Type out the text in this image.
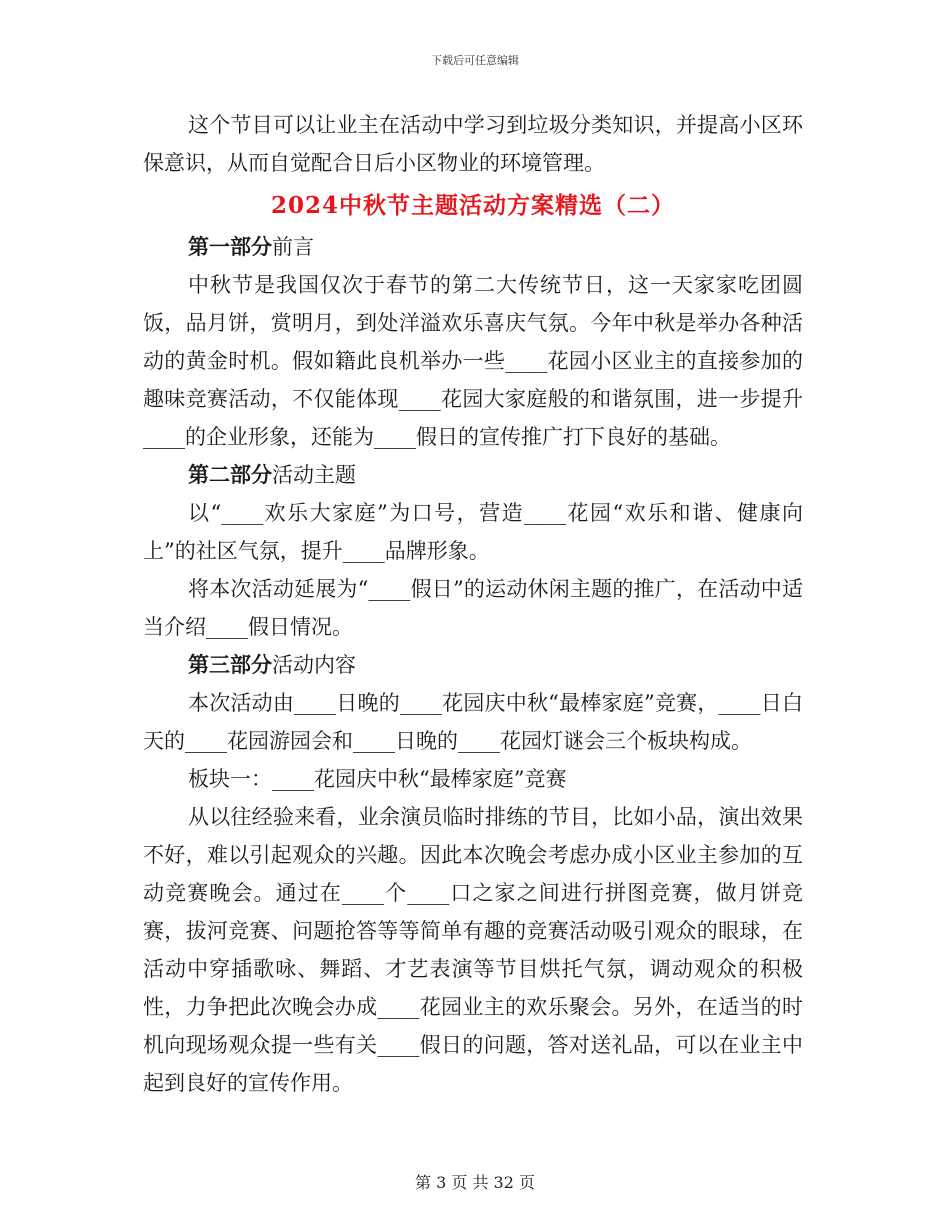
下载后可任意编辑

这个节目可以让业主在活动中学习到垃圾分类知识，并提高小区环保意识，从而自觉配合日后小区物业的环境管理。

2024中秋节主题活动方案精选（二）

第一部分前言

中秋节是我国仅次于春节的第二大传统节日，这一天家家吃团圆饭，品月饼，赏明月，到处洋溢欢乐喜庆气氛。今年中秋是举办各种活动的黄金时机。假如籍此良机举办一些____花园小区业主的直接参加的趣味竞赛活动，不仅能体现____花园大家庭般的和谐氛围，进一步提升____的企业形象，还能为____假日的宣传推广打下良好的基础。

第二部分活动主题

以“____欢乐大家庭”为口号，营造____花园“欢乐和谐、健康向上”的社区气氛，提升____品牌形象。

将本次活动延展为“____假日”的运动休闲主题的推广，在活动中适当介绍____假日情况。

第三部分活动内容

本次活动由____日晚的____花园庆中秋“最棒家庭”竞赛，____日白天的____花园游园会和____日晚的____花园灯谜会三个板块构成。

板块一：____花园庆中秋“最棒家庭”竞赛

从以往经验来看，业余演员临时排练的节目，比如小品，演出效果不好，难以引起观众的兴趣。因此本次晚会考虑办成小区业主参加的互动竞赛晚会。通过在____个____口之家之间进行拼图竞赛，做月饼竞赛，拔河竞赛、问题抢答等等简单有趣的竞赛活动吸引观众的眼球，在活动中穿插歌咏、舞蹈、才艺表演等节目烘托气氛，调动观众的积极性，力争把此次晚会办成____花园业主的欢乐聚会。另外，在适当的时机向现场观众提一些有关____假日的问题，答对送礼品，可以在业主中起到良好的宣传作用。

第 3 页 共 32 页
